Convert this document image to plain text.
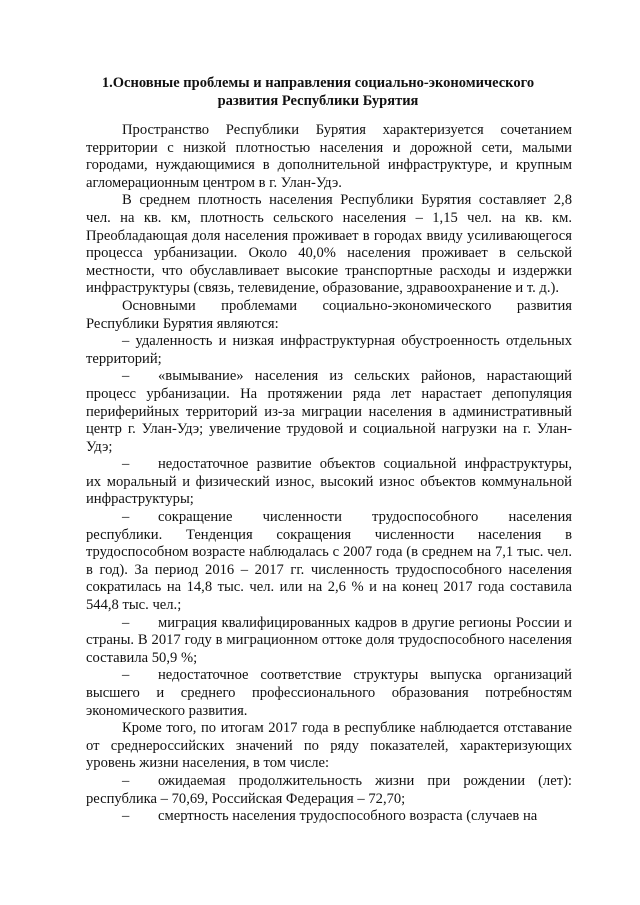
1.Основные проблемы и направления социально-экономического развития Республики Бурятия

Пространство Республики Бурятия характеризуется сочетанием территории с низкой плотностью населения и дорожной сети, малыми городами, нуждающимися в дополнительной инфраструктуре, и крупным агломерационным центром в г. Улан-Удэ.

В среднем плотность населения Республики Бурятия составляет 2,8 чел. на кв. км, плотность сельского населения – 1,15 чел. на кв. км. Преобладающая доля населения проживает в городах ввиду усиливающегося процесса урбанизации. Около 40,0% населения проживает в сельской местности, что обуславливает высокие транспортные расходы и издержки инфраструктуры (связь, телевидение, образование, здравоохранение и т. д.).

Основными проблемами социально-экономического развития Республики Бурятия являются:

– удаленность и низкая инфраструктурная обустроенность отдельных территорий;

– «вымывание» населения из сельских районов, нарастающий процесс урбанизации. На протяжении ряда лет нарастает депопуляция периферийных территорий из-за миграции населения в административный центр г. Улан-Удэ; увеличение трудовой и социальной нагрузки на г. Улан-Удэ;

– недостаточное развитие объектов социальной инфраструктуры, их моральный и физический износ, высокий износ объектов коммунальной инфраструктуры;

– сокращение численности трудоспособного населения республики. Тенденция сокращения численности населения в трудоспособном возрасте наблюдалась с 2007 года (в среднем на 7,1 тыс. чел. в год). За период 2016 – 2017 гг. численность трудоспособного населения сократилась на 14,8 тыс. чел. или на 2,6 % и на конец 2017 года составила 544,8 тыс. чел.;

– миграция квалифицированных кадров в другие регионы России и страны. В 2017 году в миграционном оттоке доля трудоспособного населения составила 50,9 %;

– недостаточное соответствие структуры выпуска организаций высшего и среднего профессионального образования потребностям экономического развития.

Кроме того, по итогам 2017 года в республике наблюдается отставание от среднероссийских значений по ряду показателей, характеризующих уровень жизни населения, в том числе:

– ожидаемая продолжительность жизни при рождении (лет): республика – 70,69, Российская Федерация – 72,70;

– смертность населения трудоспособного возраста (случаев на
